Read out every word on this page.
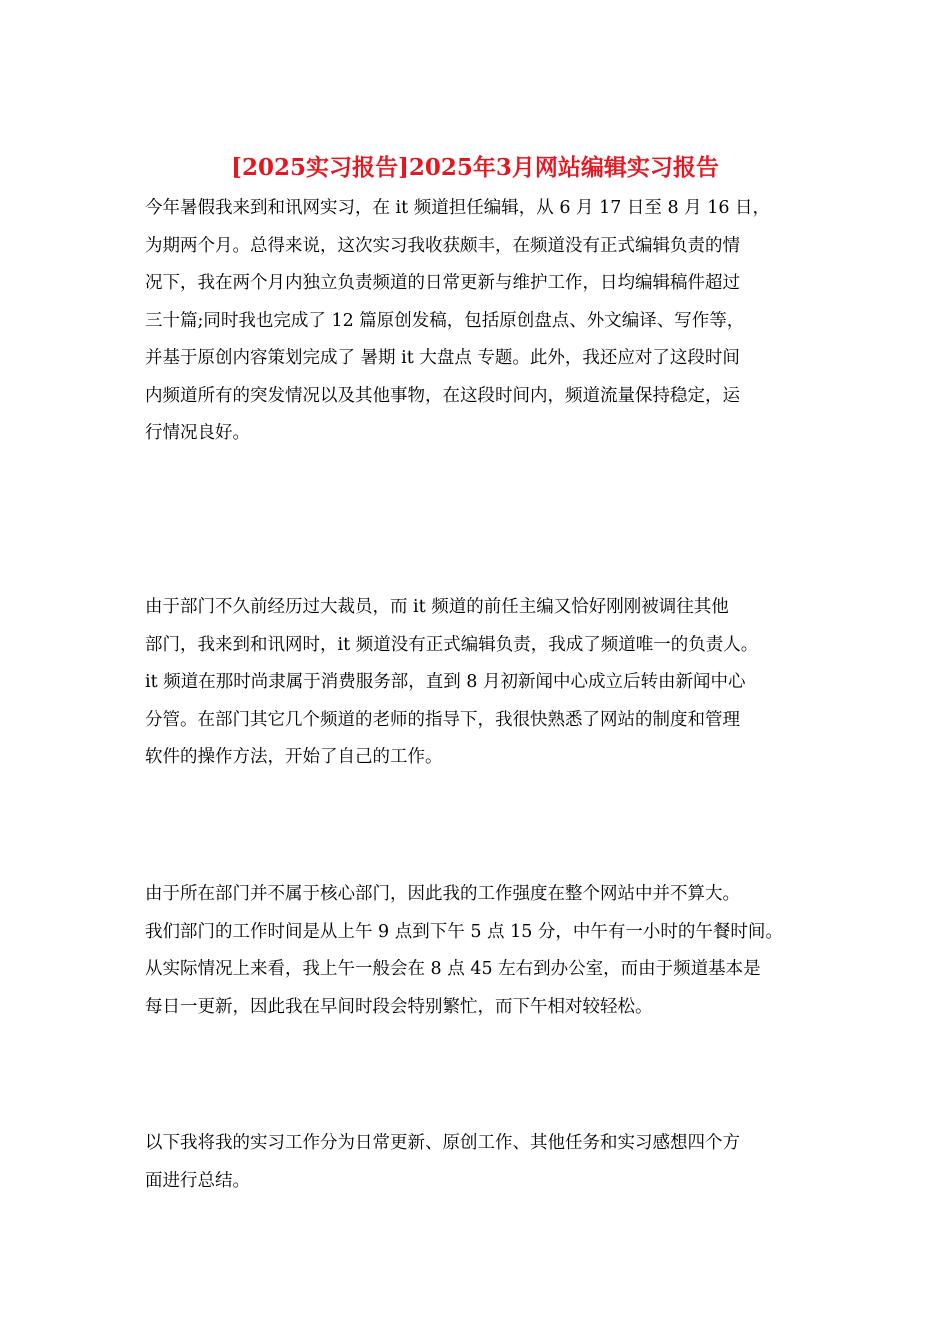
[2025实习报告]2025年3月网站编辑实习报告
今年暑假我来到和讯网实习，在 it 频道担任编辑，从 6 月 17 日至 8 月 16 日，
为期两个月。总得来说，这次实习我收获颇丰，在频道没有正式编辑负责的情
况下，我在两个月内独立负责频道的日常更新与维护工作，日均编辑稿件超过
三十篇;同时我也完成了 12 篇原创发稿，包括原创盘点、外文编译、写作等，
并基于原创内容策划完成了 暑期 it 大盘点 专题。此外，我还应对了这段时间
内频道所有的突发情况以及其他事物，在这段时间内，频道流量保持稳定，运
行情况良好。
由于部门不久前经历过大裁员，而 it 频道的前任主编又恰好刚刚被调往其他
部门，我来到和讯网时，it 频道没有正式编辑负责，我成了频道唯一的负责人。
it 频道在那时尚隶属于消费服务部，直到 8 月初新闻中心成立后转由新闻中心
分管。在部门其它几个频道的老师的指导下，我很快熟悉了网站的制度和管理
软件的操作方法，开始了自己的工作。
由于所在部门并不属于核心部门，因此我的工作强度在整个网站中并不算大。
我们部门的工作时间是从上午 9 点到下午 5 点 15 分，中午有一小时的午餐时间。
从实际情况上来看，我上午一般会在 8 点 45 左右到办公室，而由于频道基本是
每日一更新，因此我在早间时段会特别繁忙，而下午相对较轻松。
以下我将我的实习工作分为日常更新、原创工作、其他任务和实习感想四个方
面进行总结。
